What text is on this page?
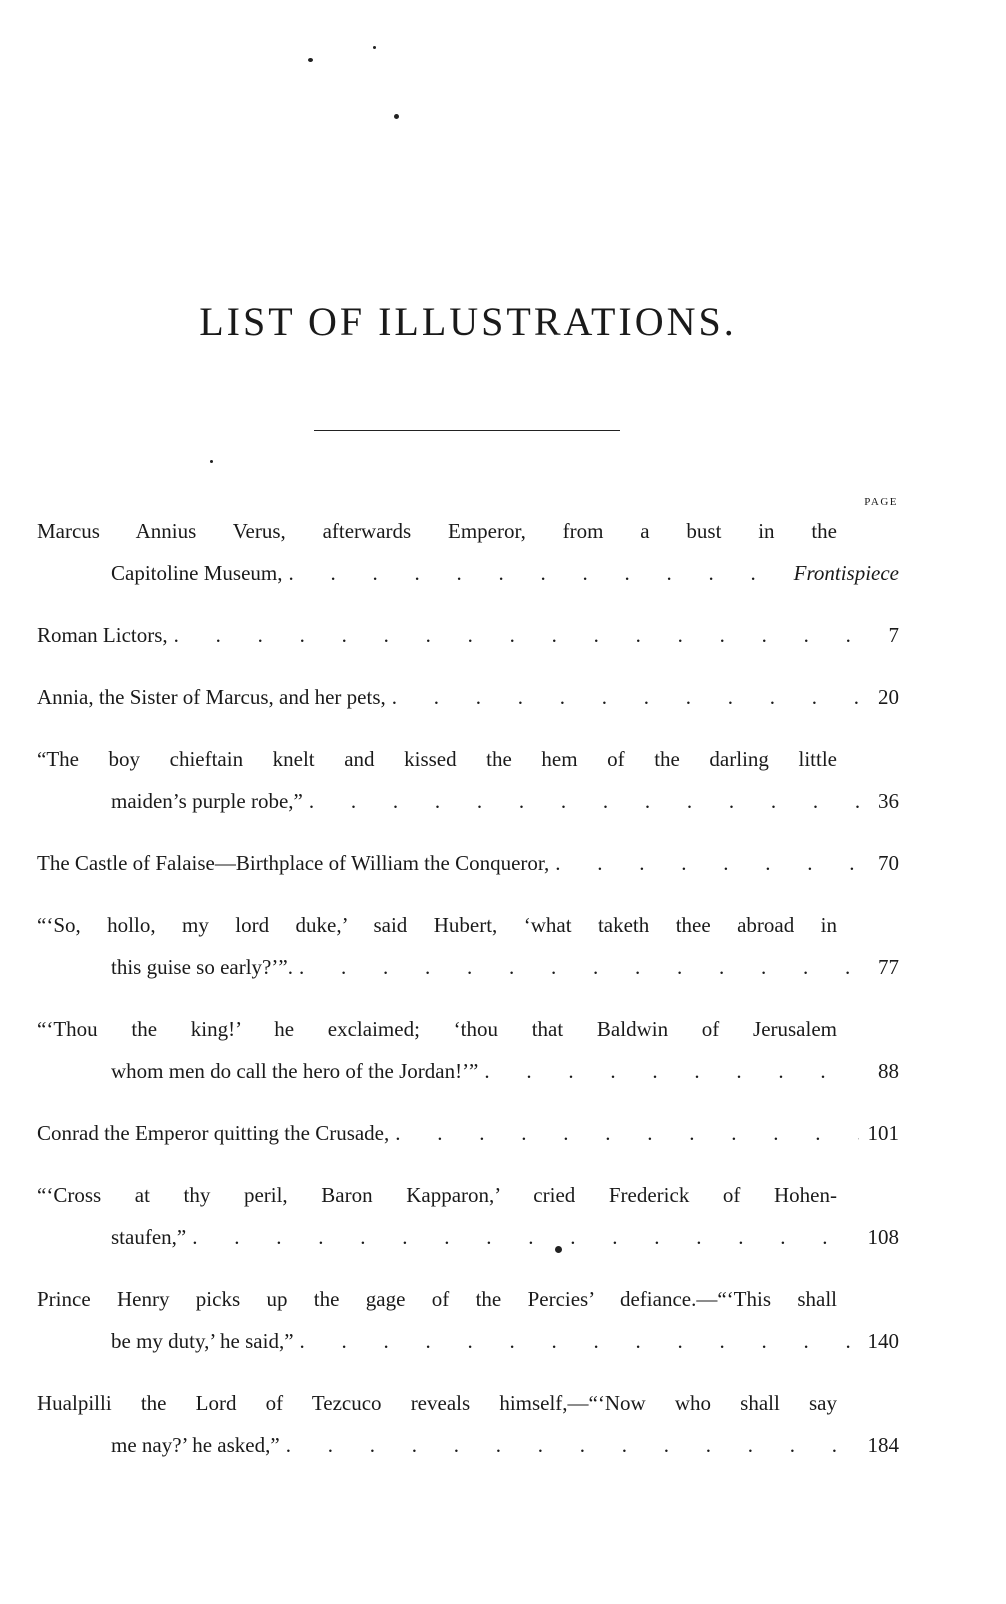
LIST OF ILLUSTRATIONS.
PAGE
Marcus Annius Verus, afterwards Emperor, from a bust in the
Capitoline Museum, .	Frontispiece
Roman Lictors, .	7
Annia, the Sister of Marcus, and her pets, .	20
“The boy chieftain knelt and kissed the hem of the darling little
maiden’s purple robe,” .	36
The Castle of Falaise—Birthplace of William the Conqueror, .	70
“‘So, hollo, my lord duke,’ said Hubert, ‘what taketh thee abroad in
this guise so early?’”. .	77
“‘Thou the king!’ he exclaimed; ‘thou that Baldwin of Jerusalem
whom men do call the hero of the Jordan!’” .	88
Conrad the Emperor quitting the Crusade, .	101
“‘Cross at thy peril, Baron Kapparon,’ cried Frederick of Hohen-
staufen,” .	108
Prince Henry picks up the gage of the Percies’ defiance.—“‘This shall
be my duty,’ he said,” .	140
Hualpilli the Lord of Tezcuco reveals himself,—“‘Now who shall say
me nay?’ he asked,” .	184
